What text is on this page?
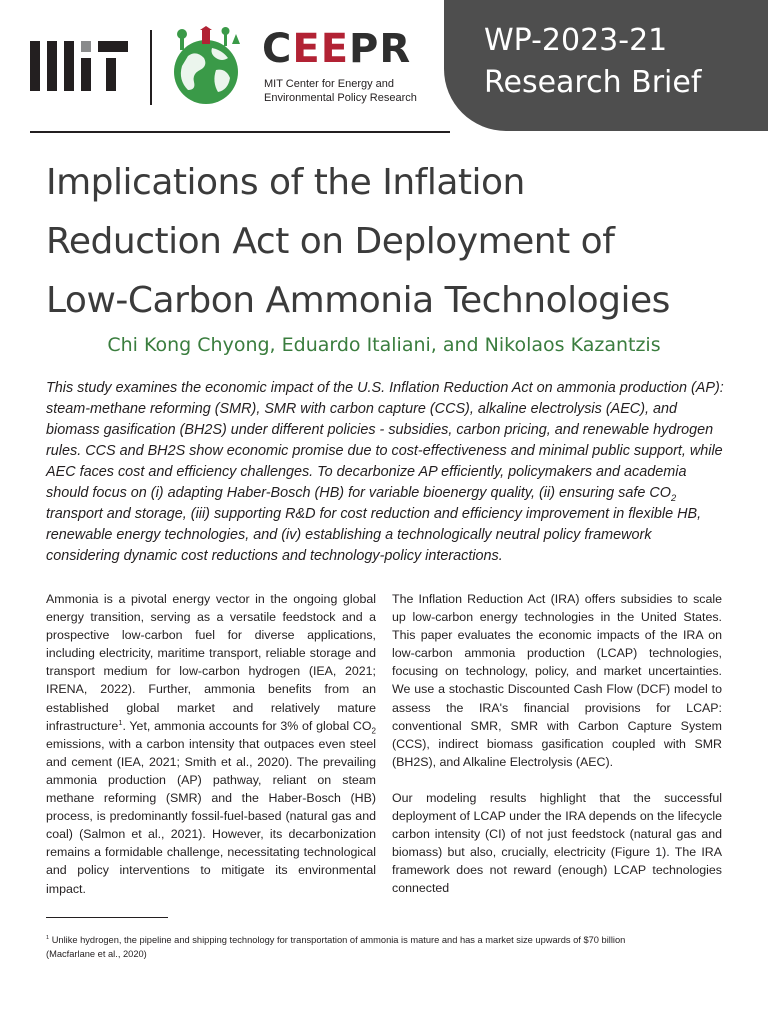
CEEPR

MIT Center for Energy and
Environmental Policy Research

WP-2023-21

Research Brief

Implications of the Inflation
Reduction Act on Deployment of
Low-Carbon Ammonia Technologies

Chi Kong Chyong, Eduardo Italiani, and Nikolaos Kazantzis

This study examines the economic impact of the U.S. Inflation Reduction Act on ammonia production (AP): steam-methane reforming (SMR), SMR with carbon capture (CCS), alkaline electrolysis (AEC), and biomass gasification (BH2S) under different policies - subsidies, carbon pricing, and renewable hydrogen rules. CCS and BH2S show economic promise due to cost-effectiveness and minimal public support, while AEC faces cost and efficiency challenges. To decarbonize AP efficiently, policymakers and academia should focus on (i) adapting Haber-Bosch (HB) for variable bioenergy quality, (ii) ensuring safe $CO_2$ transport and storage, (iii) supporting R&D for cost reduction and efficiency improvement in flexible HB, renewable energy technologies, and (iv) establishing a technologically neutral policy framework considering dynamic cost reductions and technology-policy interactions.

Ammonia is a pivotal energy vector in the ongoing global energy transition, serving as a versatile feedstock and a prospective low-carbon fuel for diverse applications, including electricity, maritime transport, reliable storage and transport medium for low-carbon hydrogen (IEA, 2021; IRENA, 2022). Further, ammonia benefits from an established global market and relatively mature infrastructure$^1$. Yet, ammonia accounts for 3% of global $CO_2$ emissions, with a carbon intensity that outpaces even steel and cement (IEA, 2021; Smith et al., 2020). The prevailing ammonia production (AP) pathway, reliant on steam methane reforming (SMR) and the Haber-Bosch (HB) process, is predominantly fossil-fuel-based (natural gas and coal) (Salmon et al., 2021). However, its decarbonization remains a formidable challenge, necessitating technological and policy interventions to mitigate its environmental impact.

The Inflation Reduction Act (IRA) offers subsidies to scale up low-carbon energy technologies in the United States. This paper evaluates the economic impacts of the IRA on low-carbon ammonia production (LCAP) technologies, focusing on technology, policy, and market uncertainties. We use a stochastic Discounted Cash Flow (DCF) model to assess the IRA's financial provisions for LCAP: conventional SMR, SMR with Carbon Capture System (CCS), indirect biomass gasification coupled with SMR (BH2S), and Alkaline Electrolysis (AEC).

Our modeling results highlight that the successful deployment of LCAP under the IRA depends on the lifecycle carbon intensity (CI) of not just feedstock (natural gas and biomass) but also, crucially, electricity (Figure 1). The IRA framework does not reward (enough) LCAP technologies connected

$^1$ Unlike hydrogen, the pipeline and shipping technology for transportation of ammonia is mature and has a market size upwards of $70 billion
(Macfarlane et al., 2020)
